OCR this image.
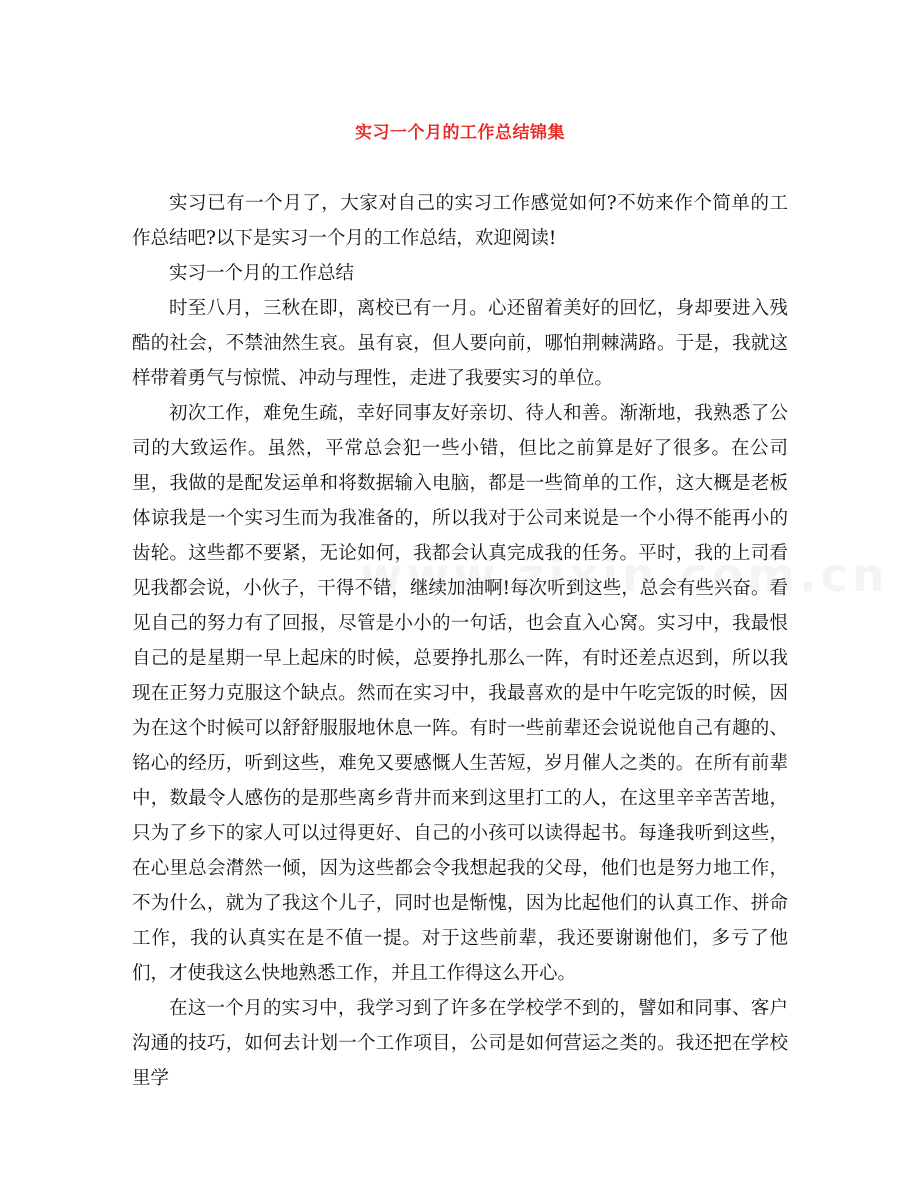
实习一个月的工作总结锦集

实习已有一个月了，大家对自己的实习工作感觉如何?不妨来作个简单的工作总结吧?以下是实习一个月的工作总结，欢迎阅读!

实习一个月的工作总结

时至八月，三秋在即，离校已有一月。心还留着美好的回忆，身却要进入残酷的社会，不禁油然生哀。虽有哀，但人要向前，哪怕荆棘满路。于是，我就这样带着勇气与惊慌、冲动与理性，走进了我要实习的单位。

初次工作，难免生疏，幸好同事友好亲切、待人和善。渐渐地，我熟悉了公司的大致运作。虽然，平常总会犯一些小错，但比之前算是好了很多。在公司里，我做的是配发运单和将数据输入电脑，都是一些简单的工作，这大概是老板体谅我是一个实习生而为我准备的，所以我对于公司来说是一个小得不能再小的齿轮。这些都不要紧，无论如何，我都会认真完成我的任务。平时，我的上司看见我都会说，小伙子，干得不错，继续加油啊!每次听到这些，总会有些兴奋。看见自己的努力有了回报，尽管是小小的一句话，也会直入心窝。实习中，我最恨自己的是星期一早上起床的时候，总要挣扎那么一阵，有时还差点迟到，所以我现在正努力克服这个缺点。然而在实习中，我最喜欢的是中午吃完饭的时候，因为在这个时候可以舒舒服服地休息一阵。有时一些前辈还会说说他自己有趣的、铭心的经历，听到这些，难免又要感慨人生苦短，岁月催人之类的。在所有前辈中，数最令人感伤的是那些离乡背井而来到这里打工的人，在这里辛辛苦苦地，只为了乡下的家人可以过得更好、自己的小孩可以读得起书。每逢我听到这些，在心里总会潸然一倾，因为这些都会令我想起我的父母，他们也是努力地工作，不为什么，就为了我这个儿子，同时也是惭愧，因为比起他们的认真工作、拼命工作，我的认真实在是不值一提。对于这些前辈，我还要谢谢他们，多亏了他们，才使我这么快地熟悉工作，并且工作得这么开心。

在这一个月的实习中，我学习到了许多在学校学不到的，譬如和同事、客户沟通的技巧，如何去计划一个工作项目，公司是如何营运之类的。我还把在学校里学
